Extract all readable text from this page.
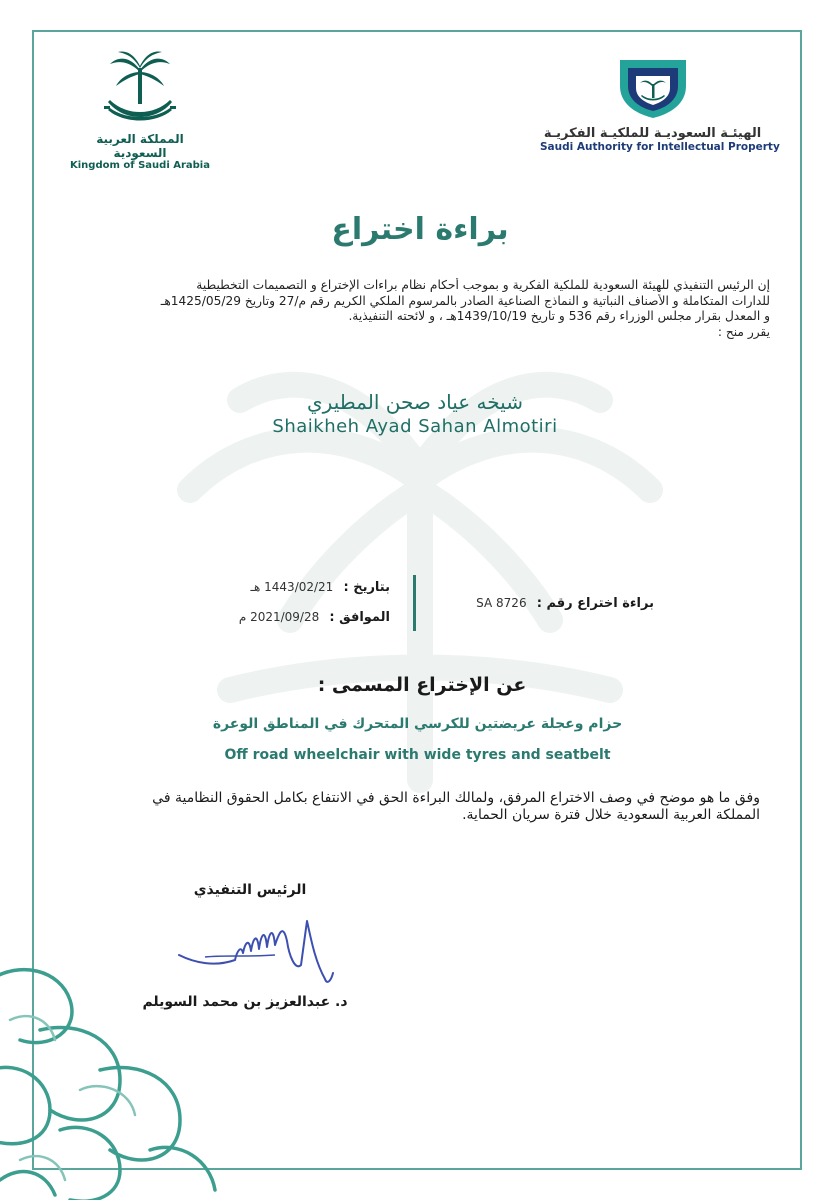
المملكة العربية السعودية
Kingdom of Saudi Arabia
الهيئـة السعوديـة للملكيـة الفكريـة
Saudi Authority for Intellectual Property
براءة اختراع
إن الرئيس التنفيذي للهيئة السعودية للملكية الفكرية و بموجب أحكام نظام براءات الإختراع و التصميمات التخطيطية
للدارات المتكاملة و الأصناف النباتية و النماذج الصناعية الصادر بالمرسوم الملكي الكريم رقم م/27 وتاريخ 1425/05/29هـ
و المعدل بقرار مجلس الوزراء رقم 536 و تاريخ 1439/10/19هـ ، و لائحته التنفيذية.
يقرر منح :
شيخه عياد صحن المطيري
Shaikheh Ayad Sahan Almotiri
براءة اختراع رقم : SA 8726
بتاريخ : 1443/02/21 هـ
الموافق : 2021/09/28 م
عن الإختراع المسمى :
حزام وعجلة عريضتين للكرسي المتحرك في المناطق الوعرة
Off road wheelchair with wide tyres and seatbelt
وفق ما هو موضح في وصف الاختراع المرفق، ولمالك البراءة الحق في الانتفاع بكامل الحقوق النظامية في
المملكة العربية السعودية خلال فترة سريان الحماية.
الرئيس التنفيذي
د. عبدالعزيز بن محمد السويلم
